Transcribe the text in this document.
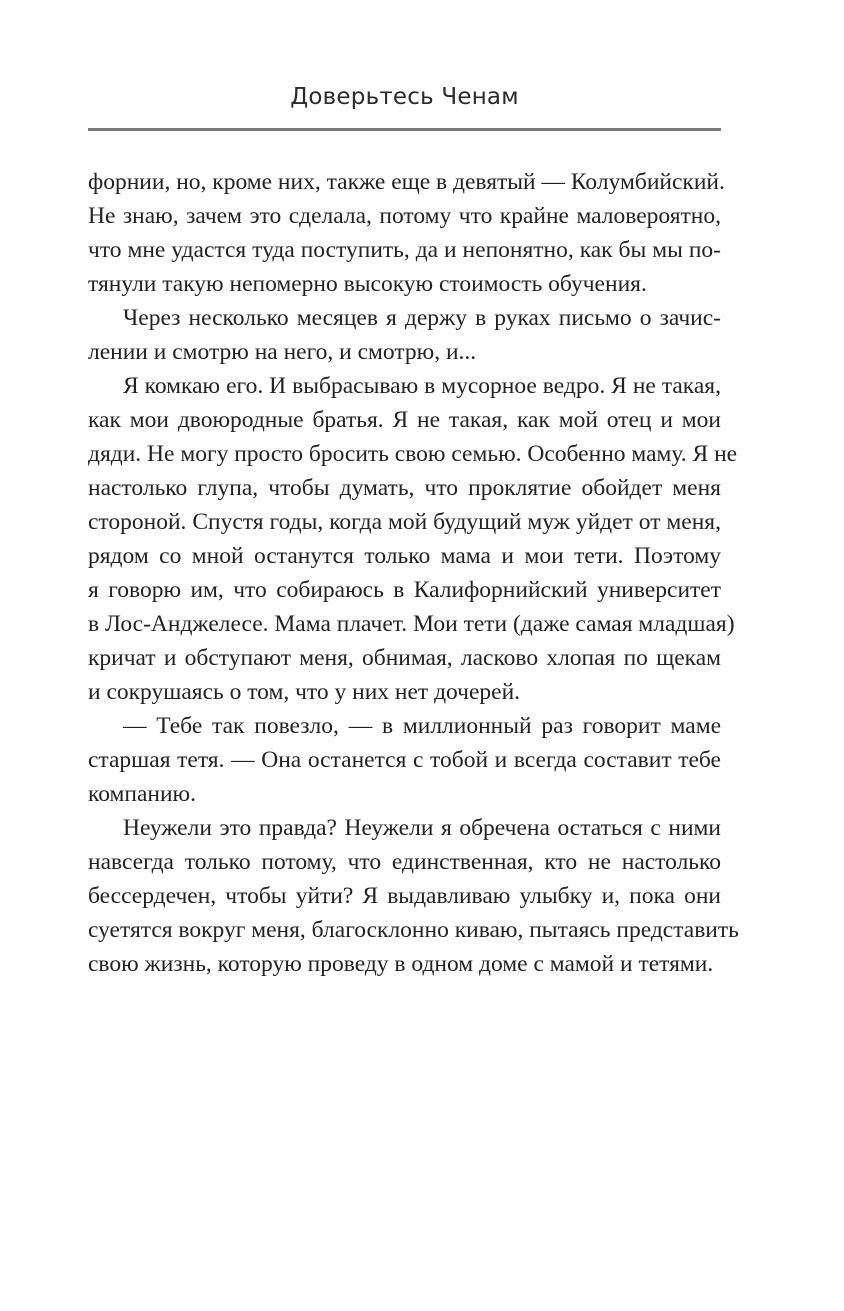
Доверьтесь Ченам
форнии, но, кроме них, также еще в девятый — Колумбийский.
Не знаю, зачем это сделала, потому что крайне маловероятно,
что мне удастся туда поступить, да и непонятно, как бы мы по-
тянули такую непомерно высокую стоимость обучения.
Через несколько месяцев я держу в руках письмо о зачис-
лении и смотрю на него, и смотрю, и...
Я комкаю его. И выбрасываю в мусорное ведро. Я не такая,
как мои двоюродные братья. Я не такая, как мой отец и мои
дяди. Не могу просто бросить свою семью. Особенно маму. Я не
настолько глупа, чтобы думать, что проклятие обойдет меня
стороной. Спустя годы, когда мой будущий муж уйдет от меня,
рядом со мной останутся только мама и мои тети. Поэтому
я говорю им, что собираюсь в Калифорнийский университет
в Лос-Анджелесе. Мама плачет. Мои тети (даже самая младшая)
кричат и обступают меня, обнимая, ласково хлопая по щекам
и сокрушаясь о том, что у них нет дочерей.
— Тебе так повезло, — в миллионный раз говорит маме
старшая тетя. — Она останется с тобой и всегда составит тебе
компанию.
Неужели это правда? Неужели я обречена остаться с ними
навсегда только потому, что единственная, кто не настолько
бессердечен, чтобы уйти? Я выдавливаю улыбку и, пока они
суетятся вокруг меня, благосклонно киваю, пытаясь представить
свою жизнь, которую проведу в одном доме с мамой и тетями.
